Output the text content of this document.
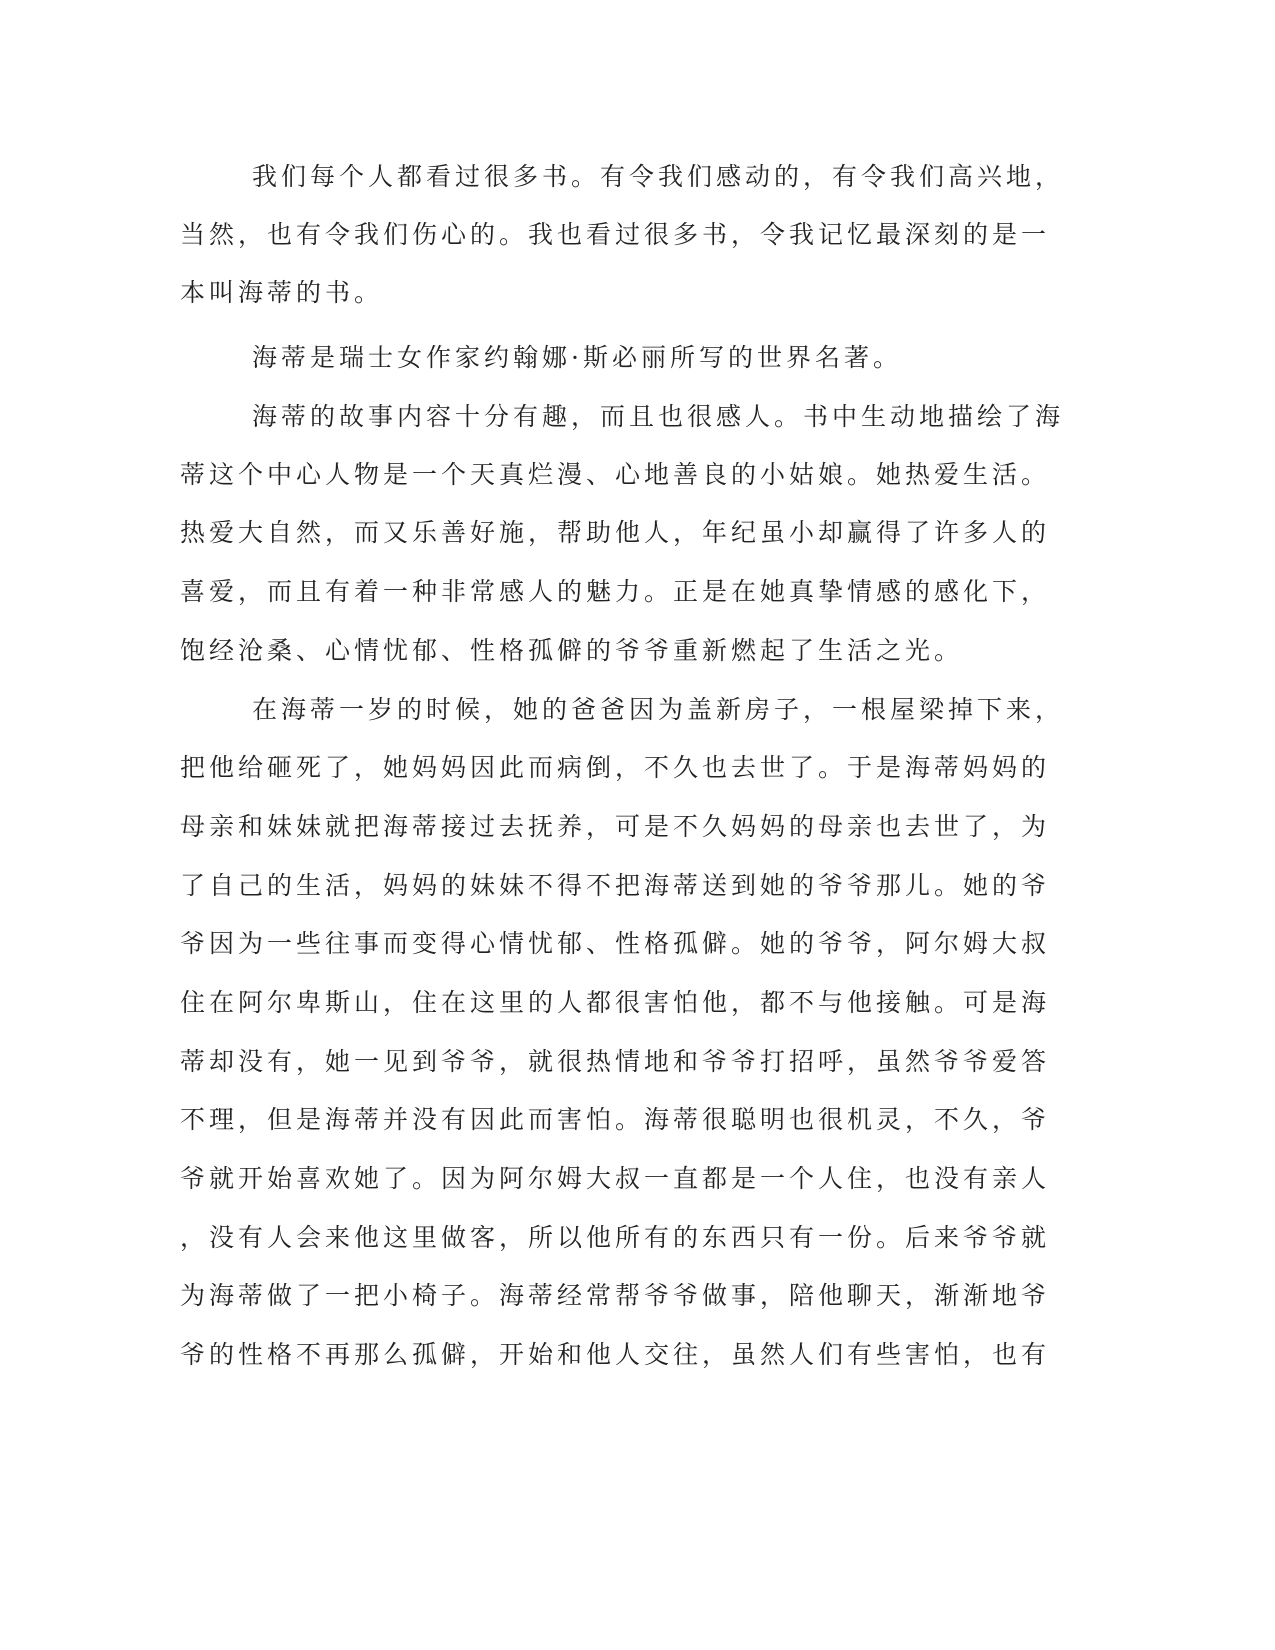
我们每个人都看过很多书。有令我们感动的，有令我们高兴地，
当然，也有令我们伤心的。我也看过很多书，令我记忆最深刻的是一
本叫海蒂的书。
海蒂是瑞士女作家约翰娜·斯必丽所写的世界名著。
海蒂的故事内容十分有趣，而且也很感人。书中生动地描绘了海
蒂这个中心人物是一个天真烂漫、心地善良的小姑娘。她热爱生活。
热爱大自然，而又乐善好施，帮助他人，年纪虽小却赢得了许多人的
喜爱，而且有着一种非常感人的魅力。正是在她真挚情感的感化下，
饱经沧桑、心情忧郁、性格孤僻的爷爷重新燃起了生活之光。
在海蒂一岁的时候，她的爸爸因为盖新房子，一根屋梁掉下来，
把他给砸死了，她妈妈因此而病倒，不久也去世了。于是海蒂妈妈的
母亲和妹妹就把海蒂接过去抚养，可是不久妈妈的母亲也去世了，为
了自己的生活，妈妈的妹妹不得不把海蒂送到她的爷爷那儿。她的爷
爷因为一些往事而变得心情忧郁、性格孤僻。她的爷爷，阿尔姆大叔
住在阿尔卑斯山，住在这里的人都很害怕他，都不与他接触。可是海
蒂却没有，她一见到爷爷，就很热情地和爷爷打招呼，虽然爷爷爱答
不理，但是海蒂并没有因此而害怕。海蒂很聪明也很机灵，不久，爷
爷就开始喜欢她了。因为阿尔姆大叔一直都是一个人住，也没有亲人
，没有人会来他这里做客，所以他所有的东西只有一份。后来爷爷就
为海蒂做了一把小椅子。海蒂经常帮爷爷做事，陪他聊天，渐渐地爷
爷的性格不再那么孤僻，开始和他人交往，虽然人们有些害怕，也有
